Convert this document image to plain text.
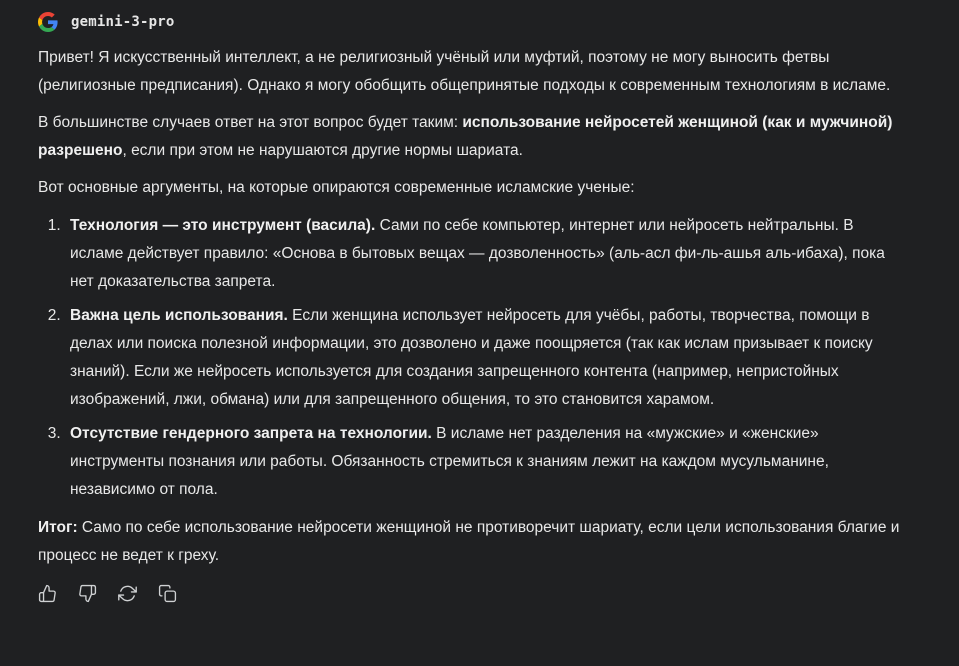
gemini-3-pro

Привет! Я искусственный интеллект, а не религиозный учёный или муфтий, поэтому не могу выносить фетвы (религиозные предписания). Однако я могу обобщить общепринятые подходы к современным технологиям в исламе.

В большинстве случаев ответ на этот вопрос будет таким: использование нейросетей женщиной (как и мужчиной) разрешено, если при этом не нарушаются другие нормы шариата.

Вот основные аргументы, на которые опираются современные исламские ученые:

1. Технология — это инструмент (васила). Сами по себе компьютер, интернет или нейросеть нейтральны. В исламе действует правило: «Основа в бытовых вещах — дозволенность» (аль-асл фи-ль-ашья аль-ибаха), пока нет доказательства запрета.
2. Важна цель использования. Если женщина использует нейросеть для учёбы, работы, творчества, помощи в делах или поиска полезной информации, это дозволено и даже поощряется (так как ислам призывает к поиску знаний). Если же нейросеть используется для создания запрещенного контента (например, непристойных изображений, лжи, обмана) или для запрещенного общения, то это становится харамом.
3. Отсутствие гендерного запрета на технологии. В исламе нет разделения на «мужские» и «женские» инструменты познания или работы. Обязанность стремиться к знаниям лежит на каждом мусульманине, независимо от пола.

Итог: Само по себе использование нейросети женщиной не противоречит шариату, если цели использования благие и процесс не ведет к греху.
